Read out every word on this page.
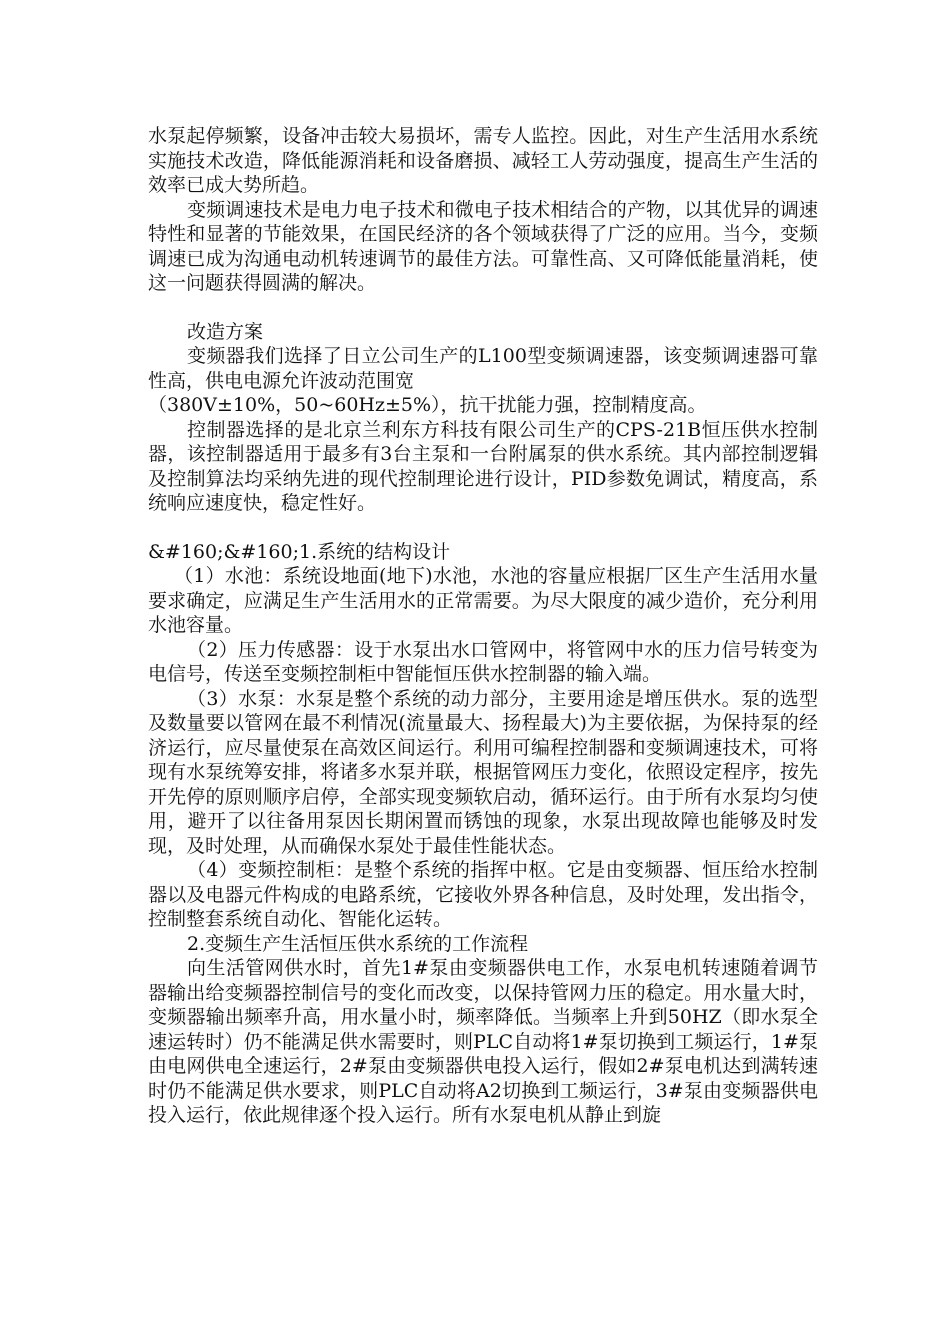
水泵起停频繁，设备冲击较大易损坏，需专人监控。因此，对生产生活用水系统实施技术改造，降低能源消耗和设备磨损、减轻工人劳动强度，提高生产生活的效率已成大势所趋。

变频调速技术是电力电子技术和微电子技术相结合的产物，以其优异的调速特性和显著的节能效果，在国民经济的各个领域获得了广泛的应用。当今，变频调速已成为沟通电动机转速调节的最佳方法。可靠性高、又可降低能量消耗，使这一问题获得圆满的解决。

改造方案

变频器我们选择了日立公司生产的L100型变频调速器，该变频调速器可靠性高，供电电源允许波动范围宽

（380V±10%，50~60Hz±5%），抗干扰能力强，控制精度高。

控制器选择的是北京兰利东方科技有限公司生产的CPS-21B恒压供水控制器，该控制器适用于最多有3台主泵和一台附属泵的供水系统。其内部控制逻辑及控制算法均采纳先进的现代控制理论进行设计，PID参数免调试，精度高，系统响应速度快，稳定性好。

&#160;&#160;1.系统的结构设计

（1）水池：系统设地面(地下)水池，水池的容量应根据厂区生产生活用水量要求确定，应满足生产生活用水的正常需要。为尽大限度的减少造价，充分利用水池容量。

（2）压力传感器：设于水泵出水口管网中，将管网中水的压力信号转变为电信号，传送至变频控制柜中智能恒压供水控制器的输入端。

（3）水泵：水泵是整个系统的动力部分，主要用途是增压供水。泵的选型及数量要以管网在最不利情况(流量最大、扬程最大)为主要依据，为保持泵的经济运行，应尽量使泵在高效区间运行。利用可编程控制器和变频调速技术，可将现有水泵统筹安排，将诸多水泵并联，根据管网压力变化，依照设定程序，按先开先停的原则顺序启停，全部实现变频软启动，循环运行。由于所有水泵均匀使用，避开了以往备用泵因长期闲置而锈蚀的现象，水泵出现故障也能够及时发现，及时处理，从而确保水泵处于最佳性能状态。

（4）变频控制柜：是整个系统的指挥中枢。它是由变频器、恒压给水控制器以及电器元件构成的电路系统，它接收外界各种信息，及时处理，发出指令，控制整套系统自动化、智能化运转。

2.变频生产生活恒压供水系统的工作流程

向生活管网供水时，首先1#泵由变频器供电工作，水泵电机转速随着调节器输出给变频器控制信号的变化而改变，以保持管网力压的稳定。用水量大时，变频器输出频率升高，用水量小时，频率降低。当频率上升到50HZ（即水泵全速运转时）仍不能满足供水需要时，则PLC自动将1#泵切换到工频运行，1#泵由电网供电全速运行，2#泵由变频器供电投入运行，假如2#泵电机达到满转速时仍不能满足供水要求，则PLC自动将A2切换到工频运行，3#泵由变频器供电投入运行，依此规律逐个投入运行。所有水泵电机从静止到旋
